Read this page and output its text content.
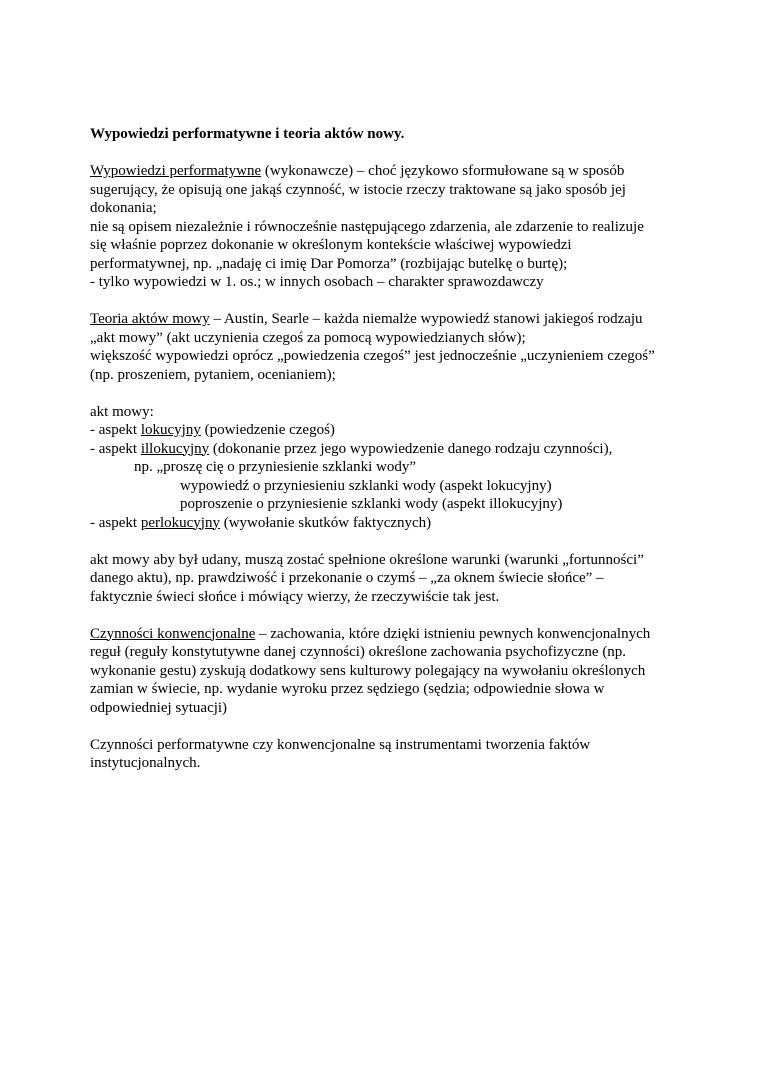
Wypowiedzi performatywne i teoria aktów nowy.

Wypowiedzi performatywne (wykonawcze) – choć językowo sformułowane są w sposób

sugerujący, że opisują one jakąś czynność, w istocie rzeczy traktowane są jako sposób jej

dokonania;

nie są opisem niezależnie i równocześnie następującego zdarzenia, ale zdarzenie to realizuje

się właśnie poprzez dokonanie w określonym kontekście właściwej wypowiedzi

performatywnej, np. „nadaję ci imię Dar Pomorza” (rozbijając butelkę o burtę);

- tylko wypowiedzi w 1. os.; w innych osobach – charakter sprawozdawczy

Teoria aktów mowy – Austin, Searle – każda niemalże wypowiedź stanowi jakiegoś rodzaju

„akt mowy” (akt uczynienia czegoś za pomocą wypowiedzianych słów);

większość wypowiedzi oprócz „powiedzenia czegoś” jest jednocześnie „uczynieniem czegoś”

(np. proszeniem, pytaniem, ocenianiem);

akt mowy:

- aspekt lokucyjny (powiedzenie czegoś)

- aspekt illokucyjny (dokonanie przez jego wypowiedzenie danego rodzaju czynności),

np. „proszę cię o przyniesienie szklanki wody”

wypowiedź o przyniesieniu szklanki wody (aspekt lokucyjny)

poproszenie o przyniesienie szklanki wody (aspekt illokucyjny)

- aspekt perlokucyjny (wywołanie skutków faktycznych)

akt mowy aby był udany, muszą zostać spełnione określone warunki (warunki „fortunności”

danego aktu), np. prawdziwość i przekonanie o czymś – „za oknem świecie słońce” –

faktycznie świeci słońce i mówiący wierzy, że rzeczywiście tak jest.

Czynności konwencjonalne – zachowania, które dzięki istnieniu pewnych konwencjonalnych

reguł (reguły konstytutywne danej czynności) określone zachowania psychofizyczne (np.

wykonanie gestu) zyskują dodatkowy sens kulturowy polegający na wywołaniu określonych

zamian w świecie, np. wydanie wyroku przez sędziego (sędzia; odpowiednie słowa w

odpowiedniej sytuacji)

Czynności performatywne czy konwencjonalne są instrumentami tworzenia faktów

instytucjonalnych.
